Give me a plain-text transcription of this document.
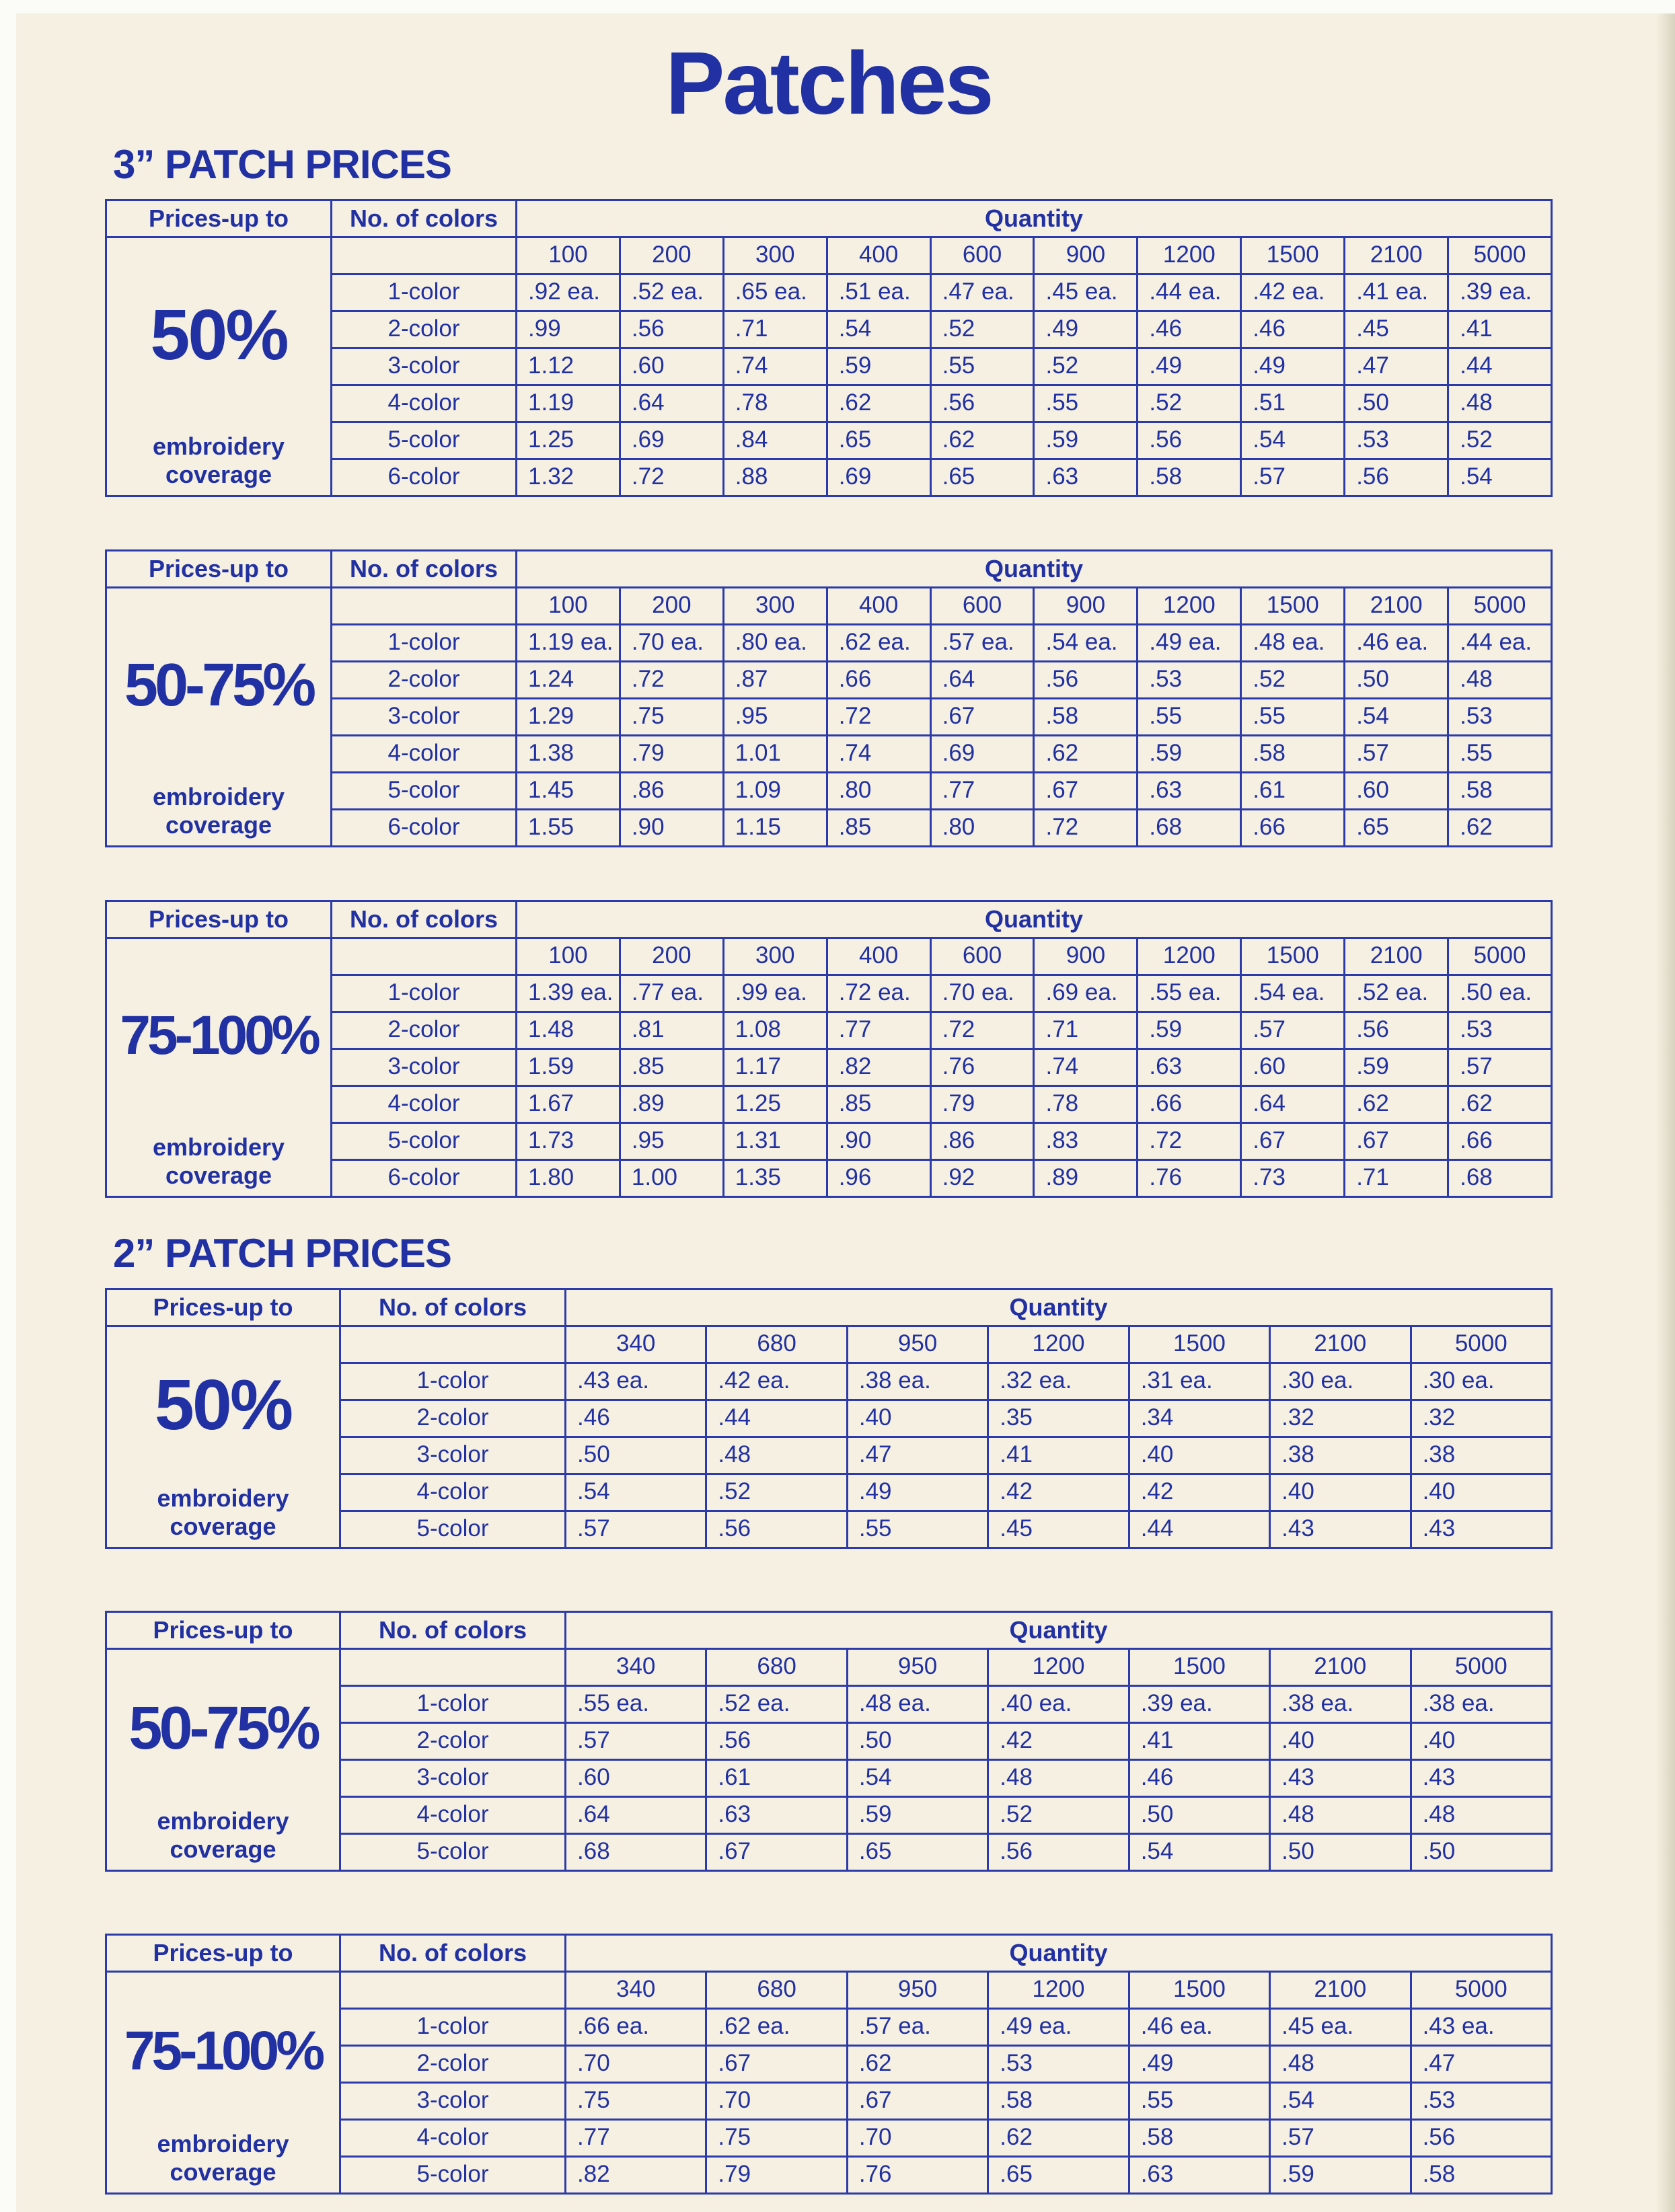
Patches
3” PATCH PRICES
Prices-up to
50%
embroidery
coverage
No. of colors	Quantity
100	200	300	400	600	900	1200	1500	2100	5000
1-color	.92 ea.	.52 ea.	.65 ea.	.51 ea.	.47 ea.	.45 ea.	.44 ea.	.42 ea.	.41 ea.	.39 ea.
2-color	.99	.56	.71	.54	.52	.49	.46	.46	.45	.41
3-color	1.12	.60	.74	.59	.55	.52	.49	.49	.47	.44
4-color	1.19	.64	.78	.62	.56	.55	.52	.51	.50	.48
5-color	1.25	.69	.84	.65	.62	.59	.56	.54	.53	.52
6-color	1.32	.72	.88	.69	.65	.63	.58	.57	.56	.54
Prices-up to
50-75%
embroidery
coverage
No. of colors	Quantity
100	200	300	400	600	900	1200	1500	2100	5000
1-color	1.19 ea. .70 ea.	.80 ea.	.62 ea.	.57 ea.	.54 ea.	.49 ea.	.48 ea.	.46 ea.	.44 ea.
2-color	1.24	.72	.87	.66	.64	.56	.53	.52	.50	.48
3-color	1.29	.75	.95	.72	.67	.58	.55	.55	.54	.53
4-color	1.38	.79	1.01	.74	.69	.62	.59	.58	.57	.55
5-color	1.45	.86	1.09	.80	.77	.67	.63	.61	.60	.58
6-color	1.55	.90	1.15	.85	.80	.72	.68	.66	.65	.62
Prices-up to
75-100%
embroidery
coverage
No. of colors	Quantity
100	200	300	400	600	900	1200	1500	2100	5000
1-color	1.39 ea. .77 ea.	.99 ea.	.72 ea.	.70 ea.	.69 ea.	.55 ea.	.54 ea.	.52 ea.	.50 ea.
2-color	1.48	.81	1.08	.77	.72	.71	.59	.57	.56	.53
3-color	1.59	.85	1.17	.82	.76	.74	.63	.60	.59	.57
4-color	1.67	.89	1.25	.85	.79	.78	.66	.64	.62	.62
5-color	1.73	.95	1.31	.90	.86	.83	.72	.67	.67	.66
6-color	1.80	1.00	1.35	.96	.92	.89	.76	.73	.71	.68
2” PATCH PRICES
Prices-up to
50%
embroidery
coverage
No. of colors	Quantity
340	680	950	1200	1500	2100	5000
1-color	.43 ea.	.42 ea.	.38 ea.	.32 ea.	.31 ea.	.30 ea.	.30 ea.
2-color	.46	.44	.40	.35	.34	.32	.32
3-color	.50	.48	.47	.41	.40	.38	.38
4-color	.54	.52	.49	.42	.42	.40	.40
5-color	.57	.56	.55	.45	.44	.43	.43
Prices-up to
50-75%
embroidery
coverage
No. of colors	Quantity
340	680	950	1200	1500	2100	5000
1-color	.55 ea.	.52 ea.	.48 ea.	.40 ea.	.39 ea.	.38 ea.	.38 ea.
2-color	.57	.56	.50	.42	.41	.40	.40
3-color	.60	.61	.54	.48	.46	.43	.43
4-color	.64	.63	.59	.52	.50	.48	.48
5-color	.68	.67	.65	.56	.54	.50	.50
Prices-up to
75-100%
embroidery
coverage
No. of colors	Quantity
340	680	950	1200	1500	2100	5000
1-color	.66 ea.	.62 ea.	.57 ea.	.49 ea.	.46 ea.	.45 ea.	.43 ea.
2-color	.70	.67	.62	.53	.49	.48	.47
3-color	.75	.70	.67	.58	.55	.54	.53
4-color	.77	.75	.70	.62	.58	.57	.56
5-color	.82	.79	.76	.65	.63	.59	.58
